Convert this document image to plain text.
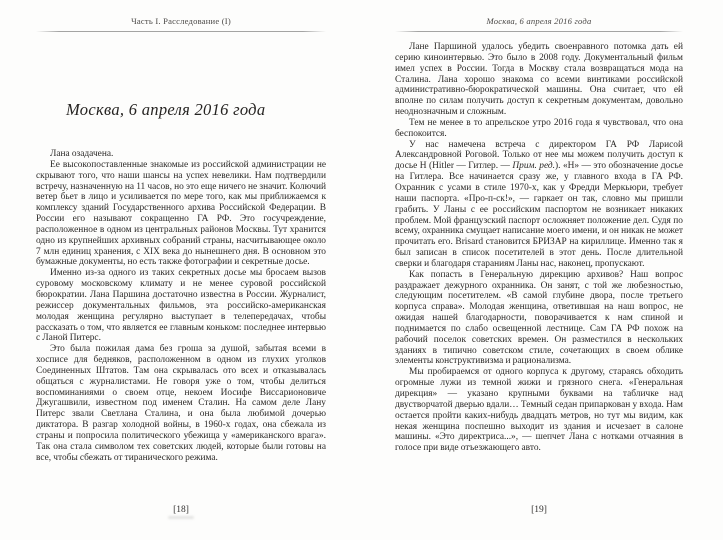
Часть I. Расследование (I)
Москва, 6 апреля 2016 года

Лана озадачена.

Ее высокопоставленные знакомые из российской администрации не скрывают того, что наши шансы на успех невелики. Нам подтвердили встречу, назначенную на 11 часов, но это еще ничего не значит. Колючий ветер бьет в лицо и усиливается по мере того, как мы приближаемся к комплексу зданий Государственного архива Российской Федерации. В России его называют сокращенно ГА РФ. Это госучреждение, расположенное в одном из центральных районов Москвы. Тут хранится одно из крупнейших архивных собраний страны, насчитывающее около 7 млн единиц хранения, с XIX века до нынешнего дня. В основном это бумажные документы, но есть также фотографии и секретные досье.

Именно из-за одного из таких секретных досье мы бросаем вызов суровому московскому климату и не менее суровой российской бюрократии. Лана Паршина достаточно известна в России. Журналист, режиссер документальных фильмов, эта российско-американская молодая женщина регулярно выступает в телепередачах, чтобы рассказать о том, что является ее главным коньком: последнее интервью с Ланой Питерс.

Это была пожилая дама без гроша за душой, забытая всеми в хосписе для бедняков, расположенном в одном из глухих уголков Соединенных Штатов. Там она скрывалась ото всех и отказывалась общаться с журналистами. Не говоря уже о том, чтобы делиться воспоминаниями о своем отце, некоем Иосифе Виссарионовиче Джугашвили, известном под именем Сталин. На самом деле Лану Питерс звали Светлана Сталина, и она была любимой дочерью диктатора. В разгар холодной войны, в 1960-х годах, она сбежала из страны и попросила политического убежища у «американского врага». Так она стала символом тех советских людей, которые были готовы на все, чтобы сбежать от тиранического режима.

[18]
Москва, 6 апреля 2016 года

Лане Паршиной удалось убедить своенравного потомка дать ей серию киноинтервью. Это было в 2008 году. Документальный фильм имел успех в России. Тогда в Москву стала возвращаться мода на Сталина. Лана хорошо знакома со всеми винтиками российской административно-бюрократической машины. Она считает, что ей вполне по силам получить доступ к секретным документам, довольно неоднозначным и сложным.

Тем не менее в то апрельское утро 2016 года я чувствовал, что она беспокоится.

У нас намечена встреча с директором ГА РФ Ларисой Александровной Роговой. Только от нее мы можем получить доступ к досье H (Hitler — Гитлер. — Прим. ред.). «Н» — это обозначение досье на Гитлера. Все начинается сразу же, у главного входа в ГА РФ. Охранник с усами в стиле 1970-х, как у Фредди Меркьюри, требует наши паспорта. «Про-п-ск!», — гаркает он так, словно мы пришли грабить. У Ланы с ее российским паспортом не возникает никаких проблем. Мой французский паспорт осложняет положение дел. Судя по всему, охранника смущает написание моего имени, и он никак не может прочитать его. Brisard становится БРИЗАР на кириллице. Именно так я был записан в список посетителей в этот день. После длительной сверки и благодаря стараниям Ланы нас, наконец, пропускают.

Как попасть в Генеральную дирекцию архивов? Наш вопрос раздражает дежурного охранника. Он занят, с той же любезностью, следующим посетителем. «В самой глубине двора, после третьего корпуса справа». Молодая женщина, ответившая на наш вопрос, не ожидая нашей благодарности, поворачивается к нам спиной и поднимается по слабо освещенной лестнице. Сам ГА РФ похож на рабочий поселок советских времен. Он разместился в нескольких зданиях в типично советском стиле, сочетающих в своем облике элементы конструктивизма и рационализма.

Мы пробираемся от одного корпуса к другому, стараясь обходить огромные лужи из темной жижи и грязного снега. «Генеральная дирекция» — указано крупными буквами на табличке над двустворчатой дверью вдали… Темный седан припаркован у входа. Нам остается пройти каких-нибудь двадцать метров, но тут мы видим, как некая женщина поспешно выходит из здания и исчезает в салоне машины. «Это директриса...», — шепчет Лана с нотками отчаяния в голосе при виде отъезжающего авто.

[19]
